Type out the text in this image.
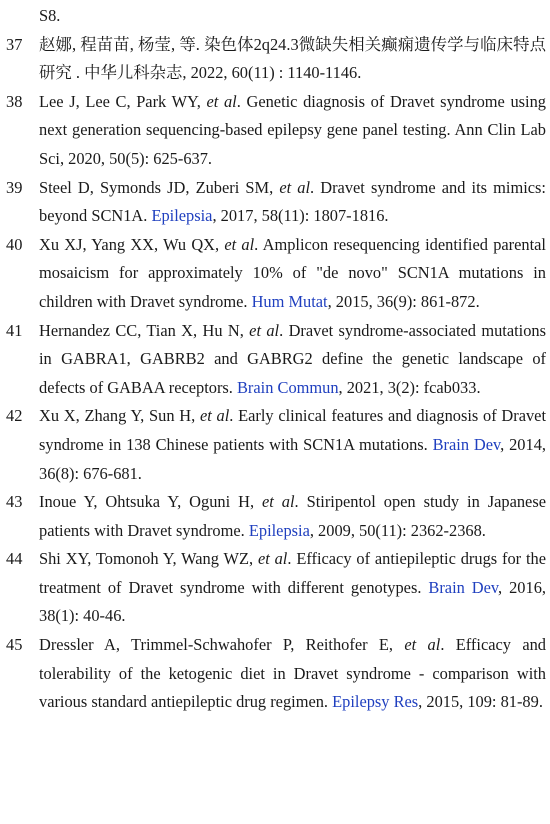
S8.
37	赵娜, 程苗苗, 杨莹, 等. 染色体2q24.3微缺失相关癫痫遗传学与临床特点研究 . 中华儿科杂志, 2022, 60(11) : 1140-1146.
38	Lee J, Lee C, Park WY, et al. Genetic diagnosis of Dravet syndrome using next generation sequencing-based epilepsy gene panel testing. Ann Clin Lab Sci, 2020, 50(5): 625-637.
39	Steel D, Symonds JD, Zuberi SM, et al. Dravet syndrome and its mimics: beyond SCN1A. Epilepsia, 2017, 58(11): 1807-1816.
40	Xu XJ, Yang XX, Wu QX, et al. Amplicon resequencing identified parental mosaicism for approximately 10% of "de novo" SCN1A mutations in children with Dravet syndrome. Hum Mutat, 2015, 36(9): 861-872.
41	Hernandez CC, Tian X, Hu N, et al. Dravet syndrome-associated mutations in GABRA1, GABRB2 and GABRG2 define the genetic landscape of defects of GABAA receptors. Brain Commun, 2021, 3(2): fcab033.
42	Xu X, Zhang Y, Sun H, et al. Early clinical features and diagnosis of Dravet syndrome in 138 Chinese patients with SCN1A mutations. Brain Dev, 2014, 36(8): 676-681.
43	Inoue Y, Ohtsuka Y, Oguni H, et al. Stiripentol open study in Japanese patients with Dravet syndrome. Epilepsia, 2009, 50(11): 2362-2368.
44	Shi XY, Tomonoh Y, Wang WZ, et al. Efficacy of antiepileptic drugs for the treatment of Dravet syndrome with different genotypes. Brain Dev, 2016, 38(1): 40-46.
45	Dressler A, Trimmel-Schwahofer P, Reithofer E, et al. Efficacy and tolerability of the ketogenic diet in Dravet syndrome - comparison with various standard antiepileptic drug regimen. Epilepsy Res, 2015, 109: 81-89.
